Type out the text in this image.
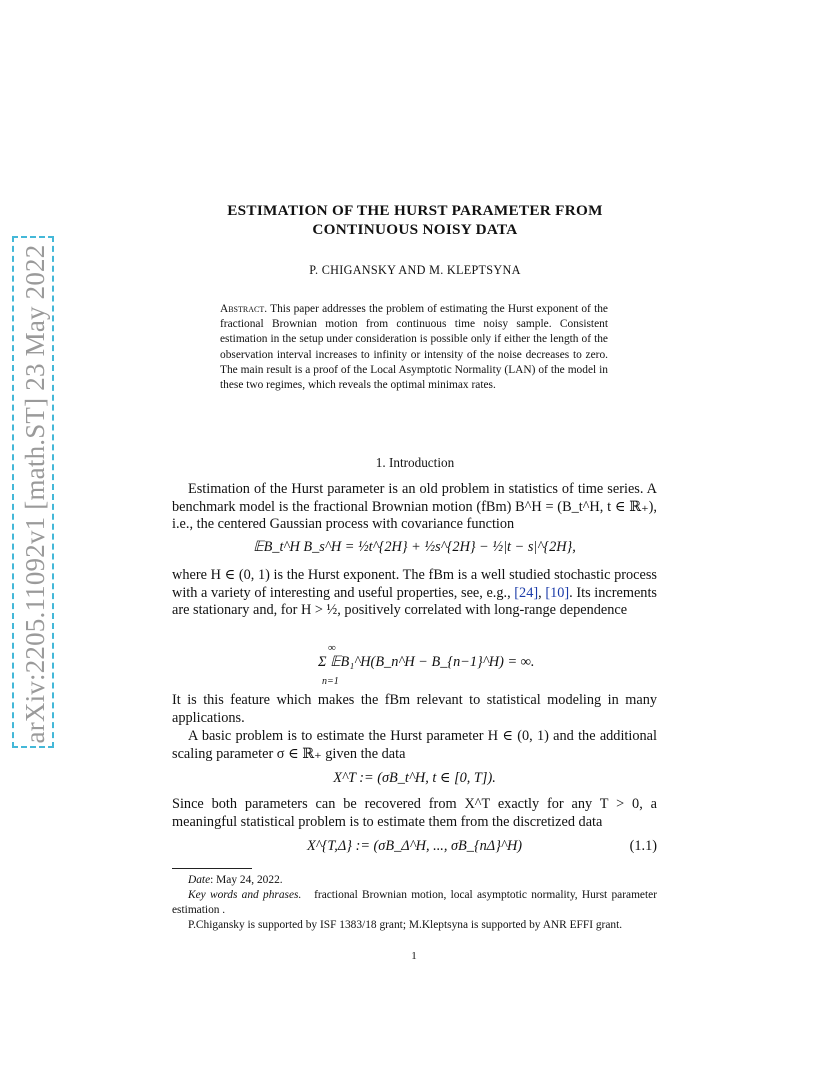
arXiv:2205.11092v1 [math.ST] 23 May 2022
ESTIMATION OF THE HURST PARAMETER FROM
CONTINUOUS NOISY DATA
P. CHIGANSKY AND M. KLEPTSYNA
Abstract. This paper addresses the problem of estimating the Hurst exponent of the fractional Brownian motion from continuous time noisy sample. Consistent estimation in the setup under consideration is possible only if either the length of the observation interval increases to infinity or intensity of the noise decreases to zero. The main result is a proof of the Local Asymptotic Normality (LAN) of the model in these two regimes, which reveals the optimal minimax rates.
1. Introduction

Estimation of the Hurst parameter is an old problem in statistics of time series. A benchmark model is the fractional Brownian motion (fBm) B^H = (B_t^H, t ∈ ℝ₊), i.e., the centered Gaussian process with covariance function

𝔼B_t^H B_s^H = ½t^{2H} + ½s^{2H} − ½|t − s|^{2H},

where H ∈ (0, 1) is the Hurst exponent. The fBm is a well studied stochastic process with a variety of interesting and useful properties, see, e.g., [24], [10]. Its increments are stationary and, for H > ½, positively correlated with long-range dependence

∞
Σ 𝔼B₁^H(B_n^H − B_{n−1}^H) = ∞.
n=1

It is this feature which makes the fBm relevant to statistical modeling in many applications.

A basic problem is to estimate the Hurst parameter H ∈ (0, 1) and the additional scaling parameter σ ∈ ℝ₊ given the data

X^T := (σB_t^H, t ∈ [0, T]).

Since both parameters can be recovered from X^T exactly for any T > 0, a meaningful statistical problem is to estimate them from the discretized data

X^{T,Δ} := (σB_Δ^H, ..., σB_{nΔ}^H)	(1.1)
Date: May 24, 2022.
Key words and phrases. fractional Brownian motion, local asymptotic normality, Hurst parameter estimation .
P.Chigansky is supported by ISF 1383/18 grant; M.Kleptsyna is supported by ANR EFFI grant.
1
